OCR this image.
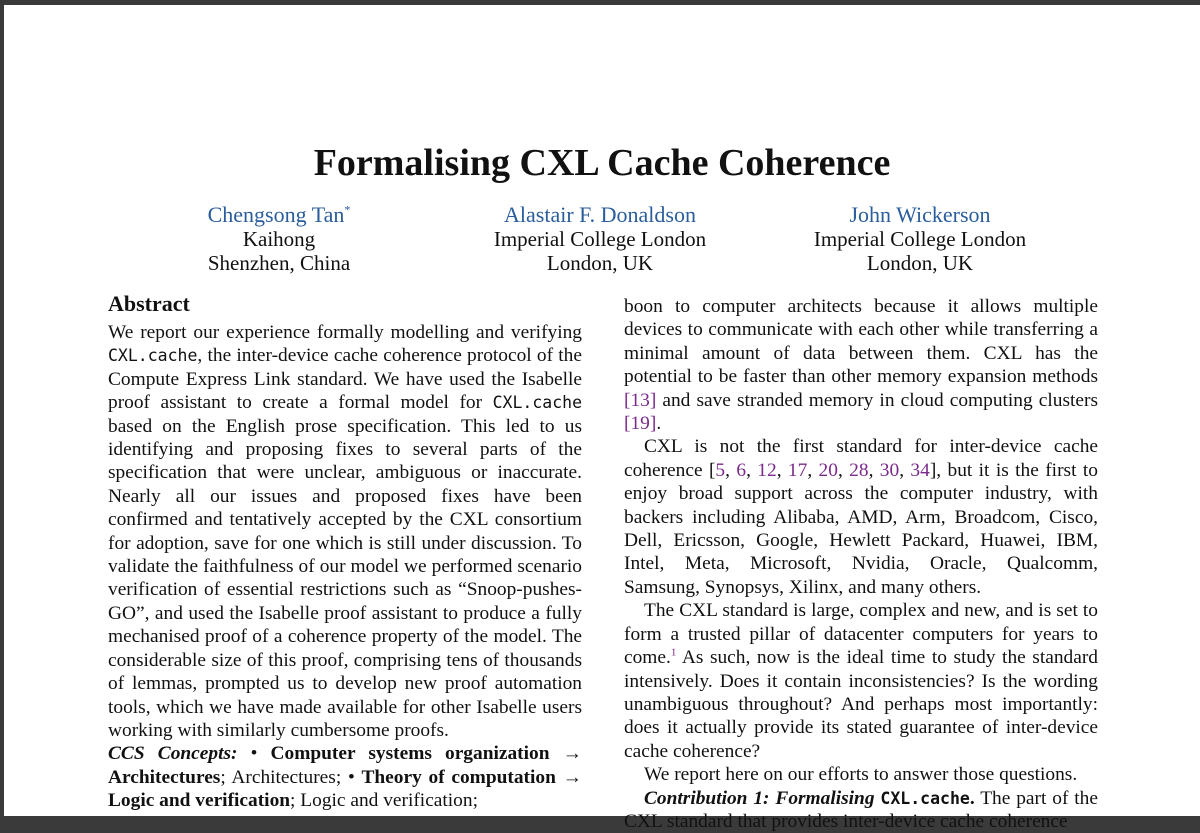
Formalising CXL Cache Coherence
Chengsong Tan*
Kaihong
Shenzhen, China
Alastair F. Donaldson
Imperial College London
London, UK
John Wickerson
Imperial College London
London, UK
Abstract

We report our experience formally modelling and verifying CXL.cache, the inter-device cache coherence protocol of the Compute Express Link standard. We have used the Isabelle proof assistant to create a formal model for CXL.cache based on the English prose specification. This led to us identifying and proposing fixes to several parts of the specification that were unclear, ambiguous or inaccurate. Nearly all our issues and proposed fixes have been confirmed and tentatively accepted by the CXL consortium for adoption, save for one which is still under discussion. To validate the faithfulness of our model we performed scenario verification of essential restrictions such as “Snoop-pushes-GO”, and used the Isabelle proof assistant to produce a fully mechanised proof of a coherence property of the model. The considerable size of this proof, comprising tens of thousands of lemmas, prompted us to develop new proof automation tools, which we have made available for other Isabelle users working with similarly cumbersome proofs.

CCS Concepts: • Computer systems organization → Architectures; Architectures; • Theory of computation → Logic and verification; Logic and verification;

boon to computer architects because it allows multiple devices to communicate with each other while transferring a minimal amount of data between them. CXL has the potential to be faster than other memory expansion methods [13] and save stranded memory in cloud computing clusters [19].

CXL is not the first standard for inter-device cache coherence [5, 6, 12, 17, 20, 28, 30, 34], but it is the first to enjoy broad support across the computer industry, with backers including Alibaba, AMD, Arm, Broadcom, Cisco, Dell, Ericsson, Google, Hewlett Packard, Huawei, IBM, Intel, Meta, Microsoft, Nvidia, Oracle, Qualcomm, Samsung, Synopsys, Xilinx, and many others.

The CXL standard is large, complex and new, and is set to form a trusted pillar of datacenter computers for years to come.$^1$ As such, now is the ideal time to study the standard intensively. Does it contain inconsistencies? Is the wording unambiguous throughout? And perhaps most importantly: does it actually provide its stated guarantee of inter-device cache coherence?

We report here on our efforts to answer those questions.

Contribution 1: Formalising CXL.cache. The part of the CXL standard that provides inter-device cache coherence
